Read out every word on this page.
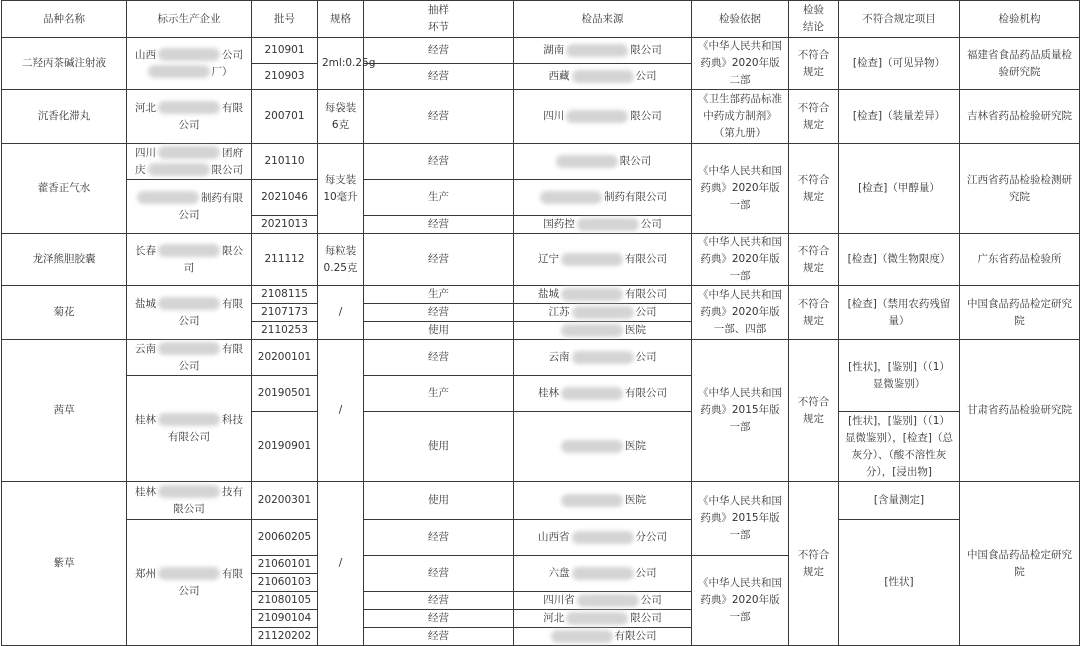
品种名称	标示生产企业	批号	规格	抽样环节	检品来源	检验依据	检验结论	不符合规定项目	检验机构
二羟丙茶碱注射液	山西 公司厂）	210901	2ml:0.25g	经营	湖南 限公司	《中华人民共和国药典》2020年版二部	不符合规定	[检查]（可见异物）	福建省食品药品质量检验研究院
		210903		经营	西藏 公司				
沉香化滞丸	河北 有限公司	200701	每袋装6克	经营	四川 限公司	《卫生部药品标准中药成方制剂》（第九册）	不符合规定	[检查]（装量差异）	吉林省药品检验研究院
藿香正气水	四川 团府庆 限公司	210110	每支装10毫升	经营	限公司	《中华人民共和国药典》2020年版一部	不符合规定	[检查]（甲醇量）	江西省药品检验检测研究院
	制药有限公司	2021046		生产	制药有限公司				
		2021013		经营	国药控 公司				
龙泽熊胆胶囊	长春 限公司	211112	每粒装0.25克	经营	辽宁 有限公司	《中华人民共和国药典》2020年版一部	不符合规定	[检查]（微生物限度）	广东省药品检验所
菊花	盐城 有限公司	2108115	/	生产	盐城 有限公司	《中华人民共和国药典》2020年版一部、四部	不符合规定	[检查]（禁用农药残留量）	中国食品药品检定研究院
		2107173		经营	江苏 公司				
		2110253		使用	医院				
茜草	云南 有限公司	20200101	/	经营	云南 公司	《中华人民共和国药典》2015年版一部	不符合规定	[性状]，[鉴别]（（1）显微鉴别）	甘肃省药品检验研究院
	桂林 科技有限公司	20190501		生产	桂林 有限公司				
		20190901		使用	医院			[性状]，[鉴别]（（1）显微鉴别），[检查]（总灰分）、（酸不溶性灰分），[浸出物]	
紫草	桂林 技有限公司	20200301	/	使用	医院	《中华人民共和国药典》2015年版一部	不符合规定	[含量测定]	中国食品药品检定研究院
	郑州 有限公司	20060205		经营	山西省 分公司			[性状]	
		21060101		经营	六盘 公司	《中华人民共和国药典》2020年版一部			
		21060103							
		21080105		经营	四川省 公司				
		21090104		经营	河北 限公司				
		21120202		经营	有限公司				
